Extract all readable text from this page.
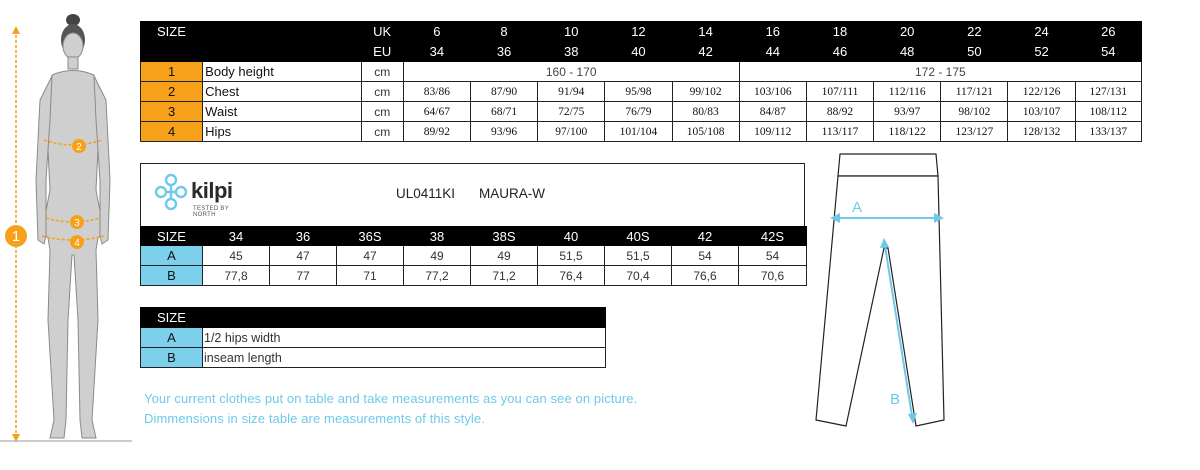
1
2
3
4
SIZE		UK	6	8	10	12	14	16	18	20	22	24	26
		EU	34	36	38	40	42	44	46	48	50	52	54
1	Body height	cm	160 - 170					172 - 175					
2	Chest	cm	83/86	87/90	91/94	95/98	99/102	103/106	107/111	112/116	117/121	122/126	127/131
3	Waist	cm	64/67	68/71	72/75	76/79	80/83	84/87	88/92	93/97	98/102	103/107	108/112
4	Hips	cm	89/92	93/96	97/100	101/104	105/108	109/112	113/117	118/122	123/127	128/132	133/137
kilpi
TESTED BY NORTH
UL0411KI MAURA-W
SIZE	34	36	36S	38	38S	40	40S	42	42S
A	45	47	47	49	49	51,5	51,5	54	54
B	77,8	77	71	77,2	71,2	76,4	70,4	76,6	70,6
SIZE	
A	1/2 hips width
B	inseam length

Your current clothes put on table and take measurements as you can see on picture.

Dimmensions in size table are measurements of this style.

A
B
